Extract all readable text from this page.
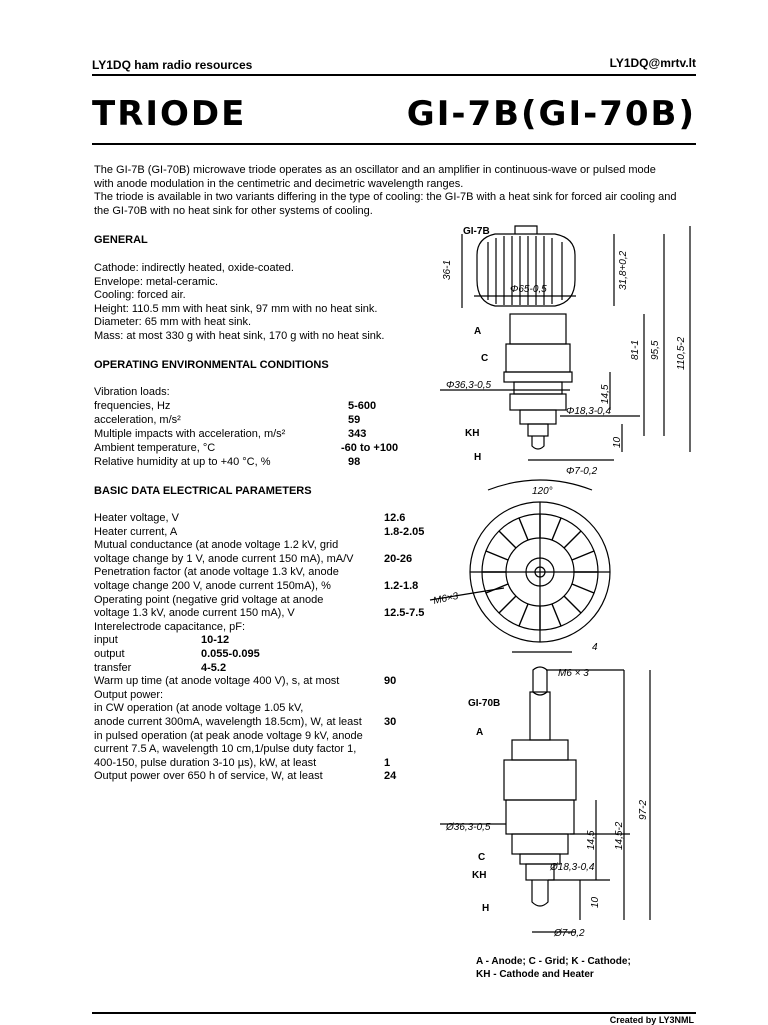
LY1DQ ham radio resources	LY1DQ@mrtv.lt
TRIODE	GI-7B(GI-70B)
The GI-7B (GI-70B) microwave triode operates as an oscillator and an amplifier in continuous-wave or pulsed mode
with anode modulation in the centimetric and decimetric wavelength ranges.
The triode is available in two variants differing in the type of cooling: the GI-7B with a heat sink for forced air cooling and
the GI-70B with no heat sink for other systems of cooling.
GENERAL
Cathode: indirectly heated, oxide-coated.
Envelope: metal-ceramic.
Cooling: forced air.
Height: 110.5 mm with heat sink, 97 mm with no heat sink.
Diameter: 65 mm with heat sink.
Mass: at most 330 g with heat sink, 170 g with no heat sink.
OPERATING ENVIRONMENTAL CONDITIONS
Vibration loads:
frequencies, Hz	5-600
acceleration, m/s²	59
Multiple impacts with acceleration, m/s²	343
Ambient temperature, °C	-60 to +100
Relative humidity at up to +40 °C, %	98
BASIC DATA ELECTRICAL PARAMETERS
Heater voltage, V	12.6
Heater current, A	1.8-2.05
Mutual conductance (at anode voltage 1.2 kV, grid
voltage change by 1 V, anode current 150 mA), mA/V	20-26
Penetration factor (at anode voltage 1.3 kV, anode
voltage change 200 V, anode current 150mA), %	1.2-1.8
Operating point (negative grid voltage at anode
voltage 1.3 kV, anode current 150 mA), V	12.5-7.5
Interelectrode capacitance, pF:
input	10-12
output	0.055-0.095
transfer	4-5.2
Warm up time (at anode voltage 400 V), s, at most	90
Output power:
in CW operation (at anode voltage 1.05 kV,
anode current 300mA, wavelength 18.5cm), W, at least 30
in pulsed operation (at peak anode voltage 9 kV, anode
current 7.5 A, wavelength 10 cm,1/pulse duty factor 1,
400-150, pulse duration 3-10 µs), kW, at least	1
Output power over 650 h of service, W, at least	24
36-1
Φ65-0,5	31,8+0,2
81-1 95,5 110,5-2
Φ36,3-0,5	14,5
Φ18,3-0,4
10
Φ7-0,2
120°
M6×3
4
M6 × 3
97-2
14,5-2
Ø36,3-0,5
14,5
Ø18,3-0,4
10
Ø7-0,2
GI-7B
A
C
KH
H
GI-70B
A
C
KH
H
A - Anode; C - Grid; K - Cathode;
KH - Cathode and Heater
Created by LY3NML
